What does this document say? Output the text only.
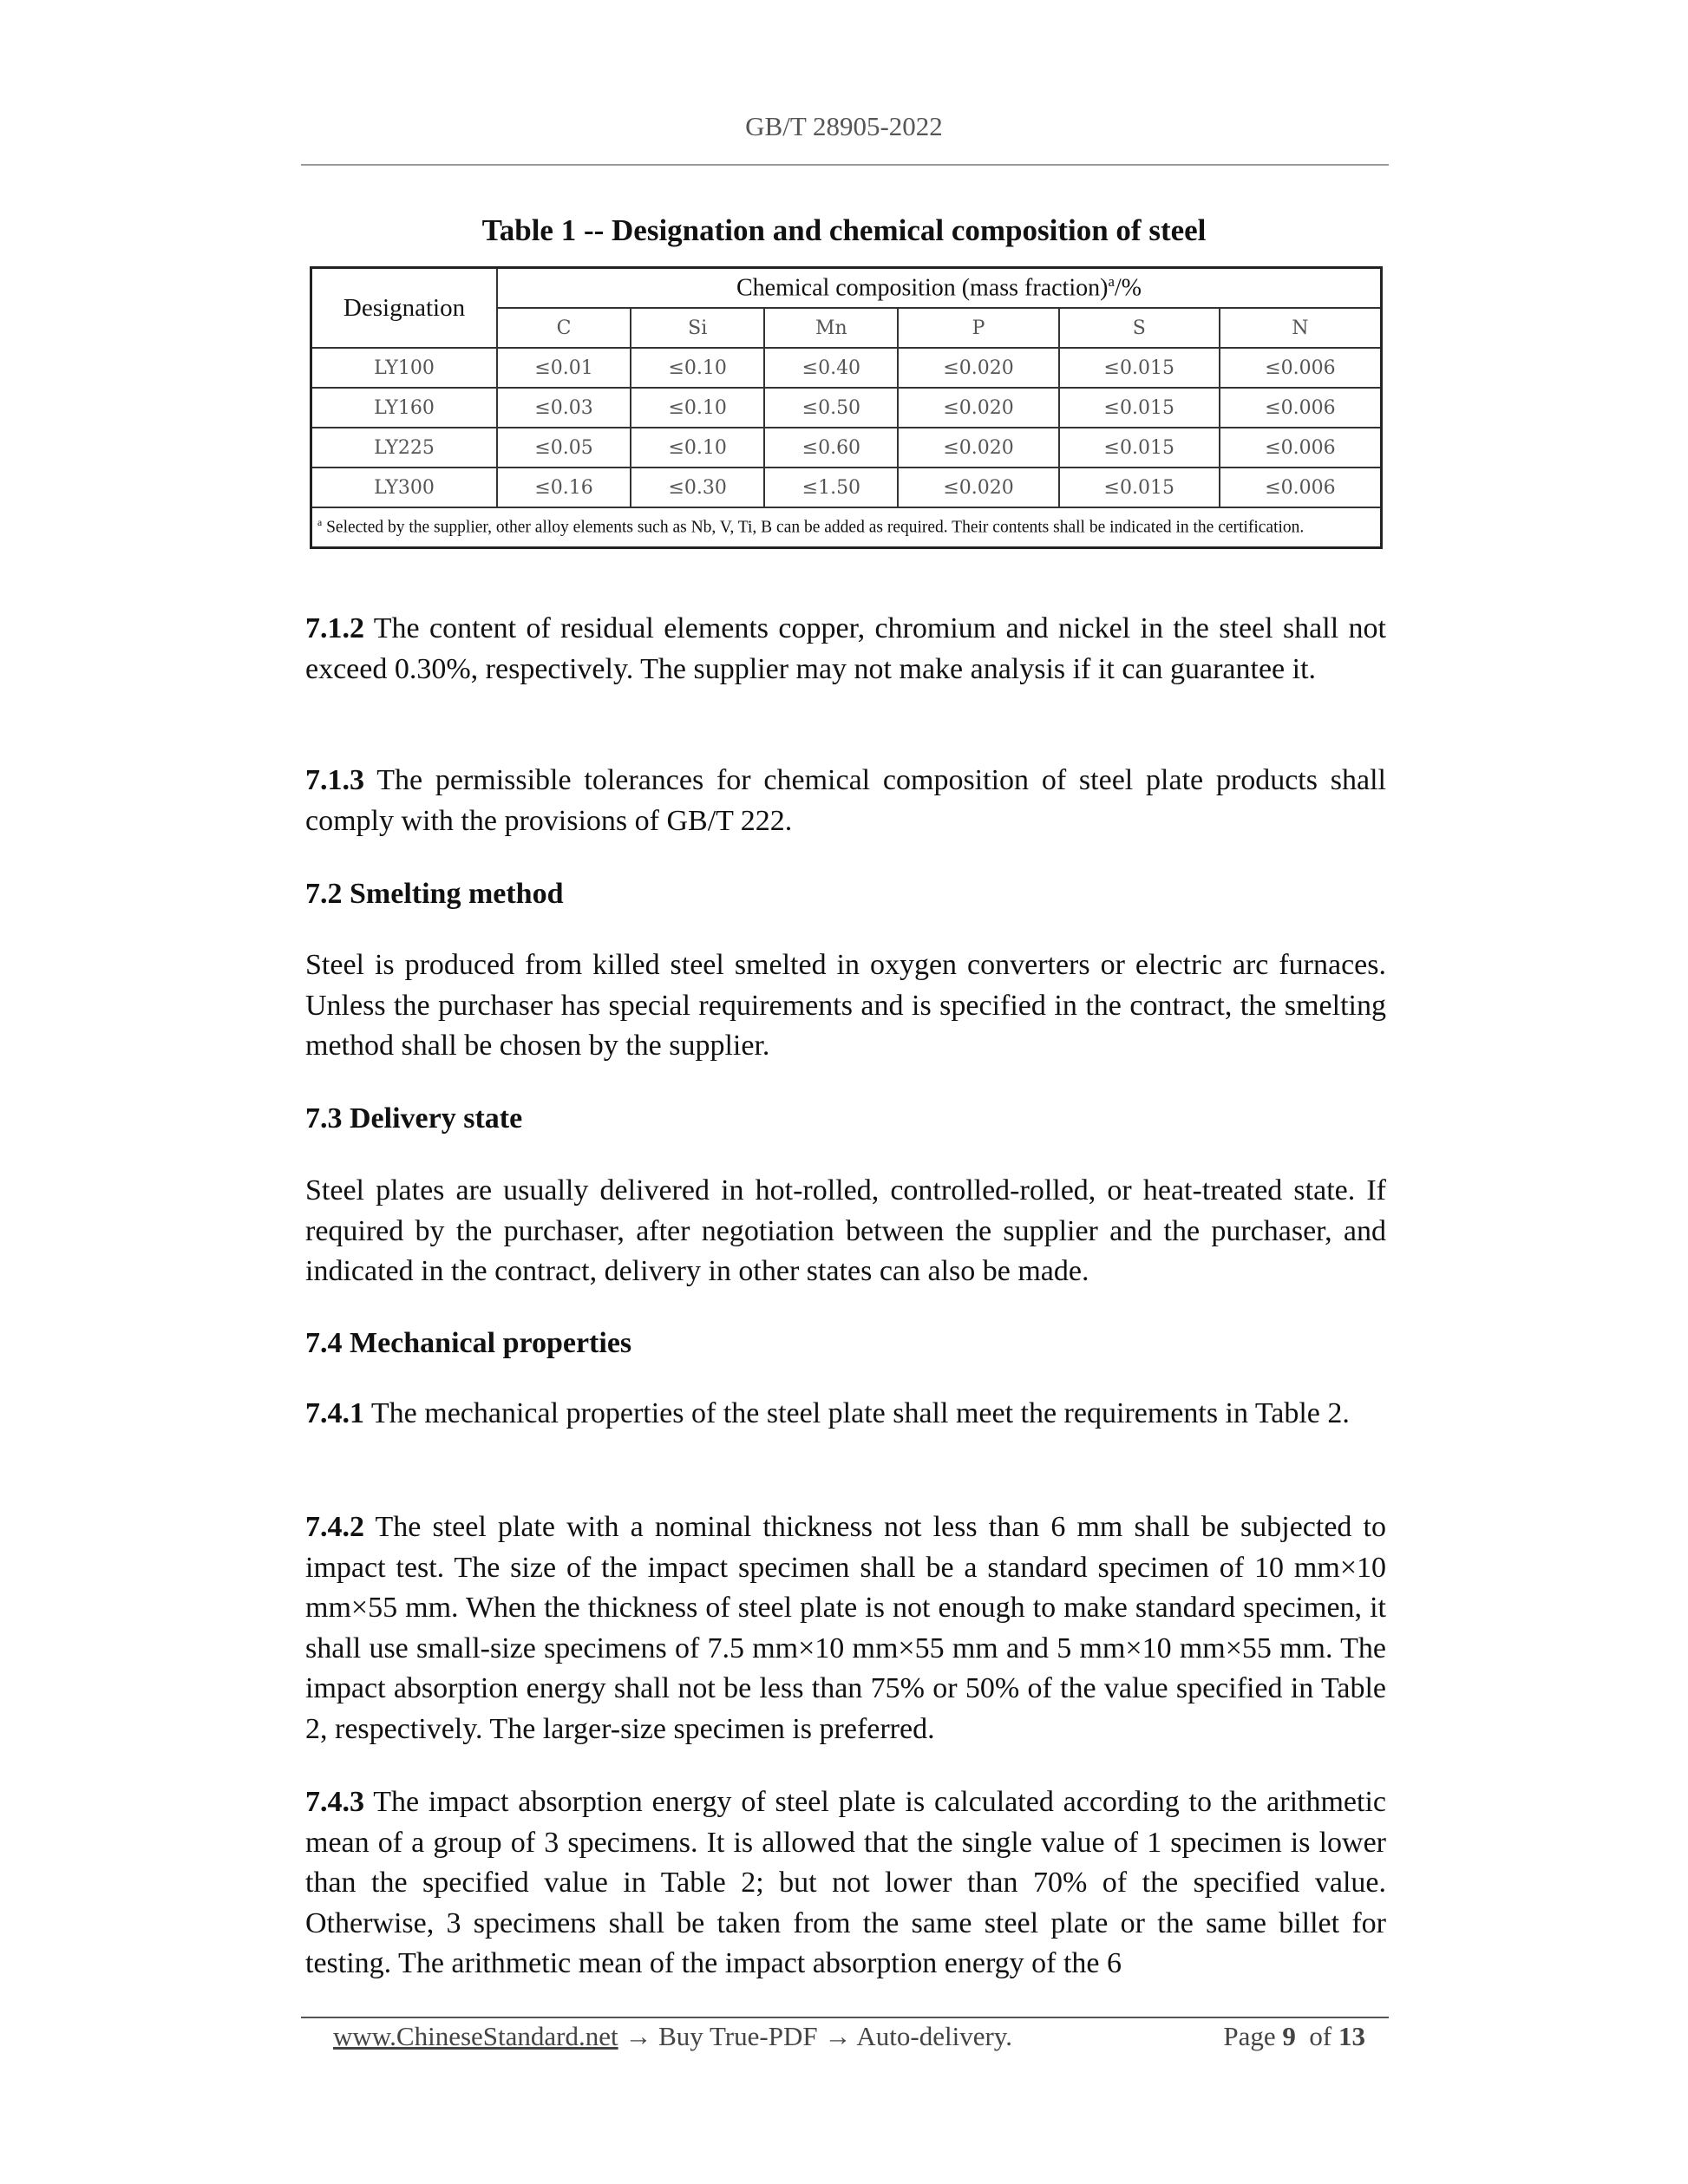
GB/T 28905-2022
Table 1 -- Designation and chemical composition of steel
Designation	Chemical composition (mass fraction)$^a$/%					
	C	Si	Mn	P	S	N
LY100	≤0.01	≤0.10	≤0.40	≤0.020	≤0.015	≤0.006
LY160	≤0.03	≤0.10	≤0.50	≤0.020	≤0.015	≤0.006
LY225	≤0.05	≤0.10	≤0.60	≤0.020	≤0.015	≤0.006
LY300	≤0.16	≤0.30	≤1.50	≤0.020	≤0.015	≤0.006
$^a$ Selected by the supplier, other alloy elements such as Nb, V, Ti, B can be added as required. Their contents shall be indicated in the certification.						
7.1.2 The content of residual elements copper, chromium and nickel in the steel shall not exceed 0.30%, respectively. The supplier may not make analysis if it can guarantee it.
7.1.3 The permissible tolerances for chemical composition of steel plate products shall comply with the provisions of GB/T 222.
7.2 Smelting method
Steel is produced from killed steel smelted in oxygen converters or electric arc furnaces. Unless the purchaser has special requirements and is specified in the contract, the smelting method shall be chosen by the supplier.
7.3 Delivery state
Steel plates are usually delivered in hot-rolled, controlled-rolled, or heat-treated state. If required by the purchaser, after negotiation between the supplier and the purchaser, and indicated in the contract, delivery in other states can also be made.
7.4 Mechanical properties
7.4.1 The mechanical properties of the steel plate shall meet the requirements in Table 2.
7.4.2 The steel plate with a nominal thickness not less than 6 mm shall be subjected to impact test. The size of the impact specimen shall be a standard specimen of 10 mm×10 mm×55 mm. When the thickness of steel plate is not enough to make standard specimen, it shall use small-size specimens of 7.5 mm×10 mm×55 mm and 5 mm×10 mm×55 mm. The impact absorption energy shall not be less than 75% or 50% of the value specified in Table 2, respectively. The larger-size specimen is preferred.
7.4.3 The impact absorption energy of steel plate is calculated according to the arithmetic mean of a group of 3 specimens. It is allowed that the single value of 1 specimen is lower than the specified value in Table 2; but not lower than 70% of the specified value. Otherwise, 3 specimens shall be taken from the same steel plate or the same billet for testing. The arithmetic mean of the impact absorption energy of the 6
www.ChineseStandard.net → Buy True-PDF → Auto-delivery.	Page 9 of 13
